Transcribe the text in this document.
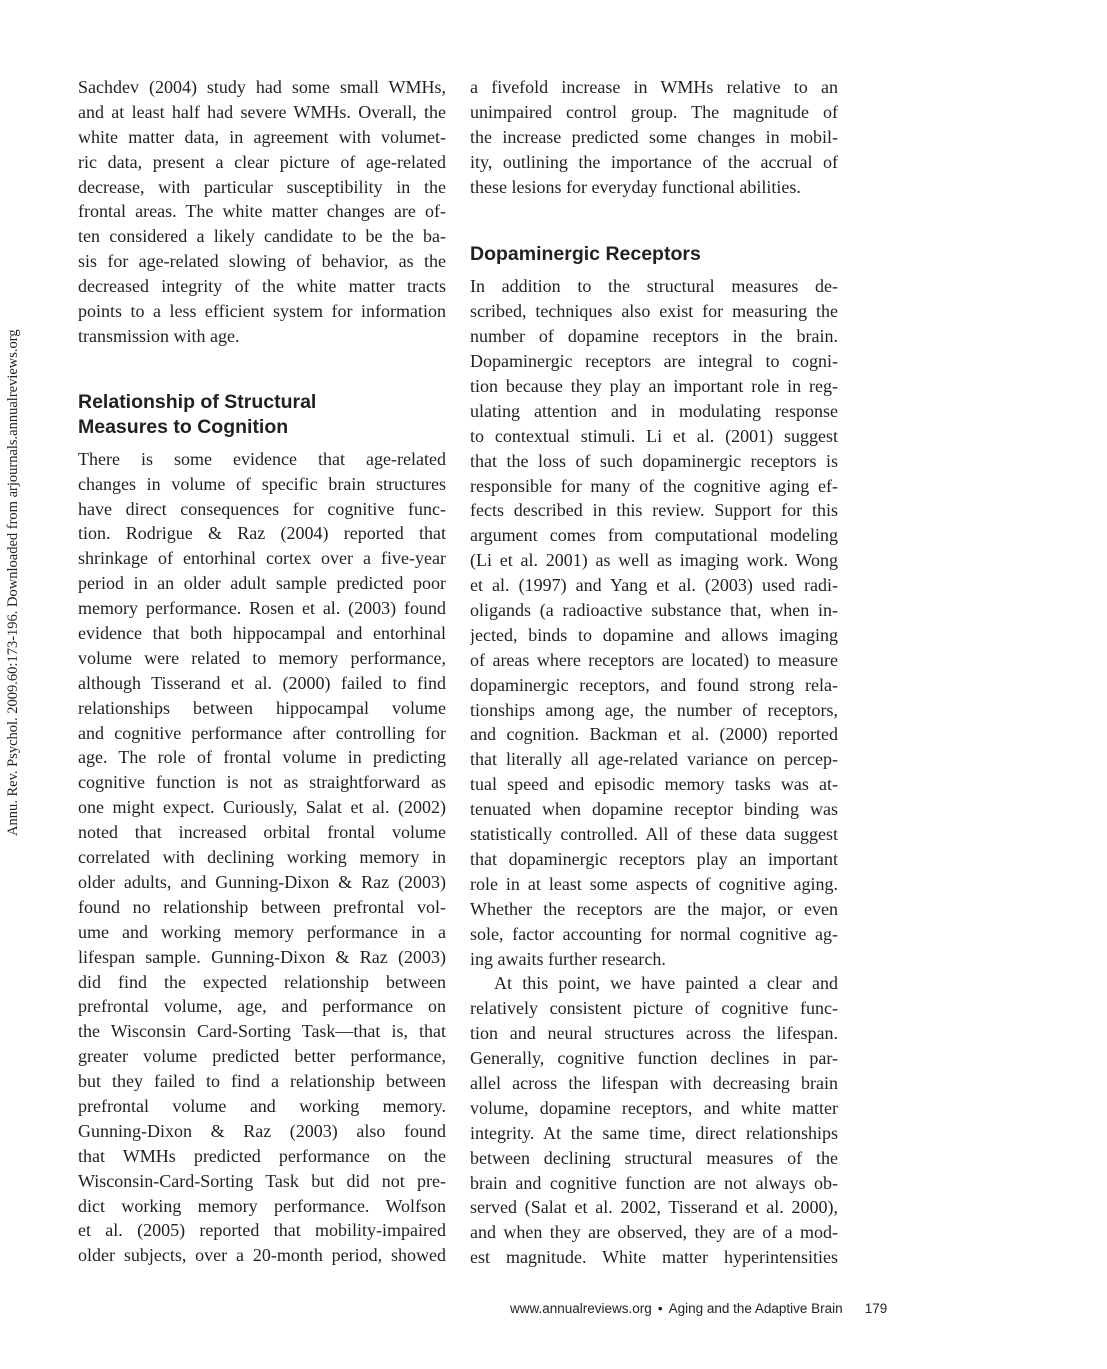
Annu. Rev. Psychol. 2009.60:173-196. Downloaded from arjournals.annualreviews.org
Sachdev (2004) study had some small WMHs,
and at least half had severe WMHs. Overall, the
white matter data, in agreement with volumet-
ric data, present a clear picture of age-related
decrease, with particular susceptibility in the
frontal areas. The white matter changes are of-
ten considered a likely candidate to be the ba-
sis for age-related slowing of behavior, as the
decreased integrity of the white matter tracts
points to a less efficient system for information
transmission with age.
Relationship of Structural
Measures to Cognition
There is some evidence that age-related
changes in volume of specific brain structures
have direct consequences for cognitive func-
tion. Rodrigue & Raz (2004) reported that
shrinkage of entorhinal cortex over a five-year
period in an older adult sample predicted poor
memory performance. Rosen et al. (2003) found
evidence that both hippocampal and entorhinal
volume were related to memory performance,
although Tisserand et al. (2000) failed to find
relationships between hippocampal volume
and cognitive performance after controlling for
age. The role of frontal volume in predicting
cognitive function is not as straightforward as
one might expect. Curiously, Salat et al. (2002)
noted that increased orbital frontal volume
correlated with declining working memory in
older adults, and Gunning-Dixon & Raz (2003)
found no relationship between prefrontal vol-
ume and working memory performance in a
lifespan sample. Gunning-Dixon & Raz (2003)
did find the expected relationship between
prefrontal volume, age, and performance on
the Wisconsin Card-Sorting Task—that is, that
greater volume predicted better performance,
but they failed to find a relationship between
prefrontal volume and working memory.
Gunning-Dixon & Raz (2003) also found
that WMHs predicted performance on the
Wisconsin-Card-Sorting Task but did not pre-
dict working memory performance. Wolfson
et al. (2005) reported that mobility-impaired
older subjects, over a 20-month period, showed
a fivefold increase in WMHs relative to an
unimpaired control group. The magnitude of
the increase predicted some changes in mobil-
ity, outlining the importance of the accrual of
these lesions for everyday functional abilities.
Dopaminergic Receptors
In addition to the structural measures de-
scribed, techniques also exist for measuring the
number of dopamine receptors in the brain.
Dopaminergic receptors are integral to cogni-
tion because they play an important role in reg-
ulating attention and in modulating response
to contextual stimuli. Li et al. (2001) suggest
that the loss of such dopaminergic receptors is
responsible for many of the cognitive aging ef-
fects described in this review. Support for this
argument comes from computational modeling
(Li et al. 2001) as well as imaging work. Wong
et al. (1997) and Yang et al. (2003) used radi-
oligands (a radioactive substance that, when in-
jected, binds to dopamine and allows imaging
of areas where receptors are located) to measure
dopaminergic receptors, and found strong rela-
tionships among age, the number of receptors,
and cognition. Backman et al. (2000) reported
that literally all age-related variance on percep-
tual speed and episodic memory tasks was at-
tenuated when dopamine receptor binding was
statistically controlled. All of these data suggest
that dopaminergic receptors play an important
role in at least some aspects of cognitive aging.
Whether the receptors are the major, or even
sole, factor accounting for normal cognitive ag-
ing awaits further research.
At this point, we have painted a clear and
relatively consistent picture of cognitive func-
tion and neural structures across the lifespan.
Generally, cognitive function declines in par-
allel across the lifespan with decreasing brain
volume, dopamine receptors, and white matter
integrity. At the same time, direct relationships
between declining structural measures of the
brain and cognitive function are not always ob-
served (Salat et al. 2002, Tisserand et al. 2000),
and when they are observed, they are of a mod-
est magnitude. White matter hyperintensities
www.annualreviews.org • Aging and the Adaptive Brain 179
